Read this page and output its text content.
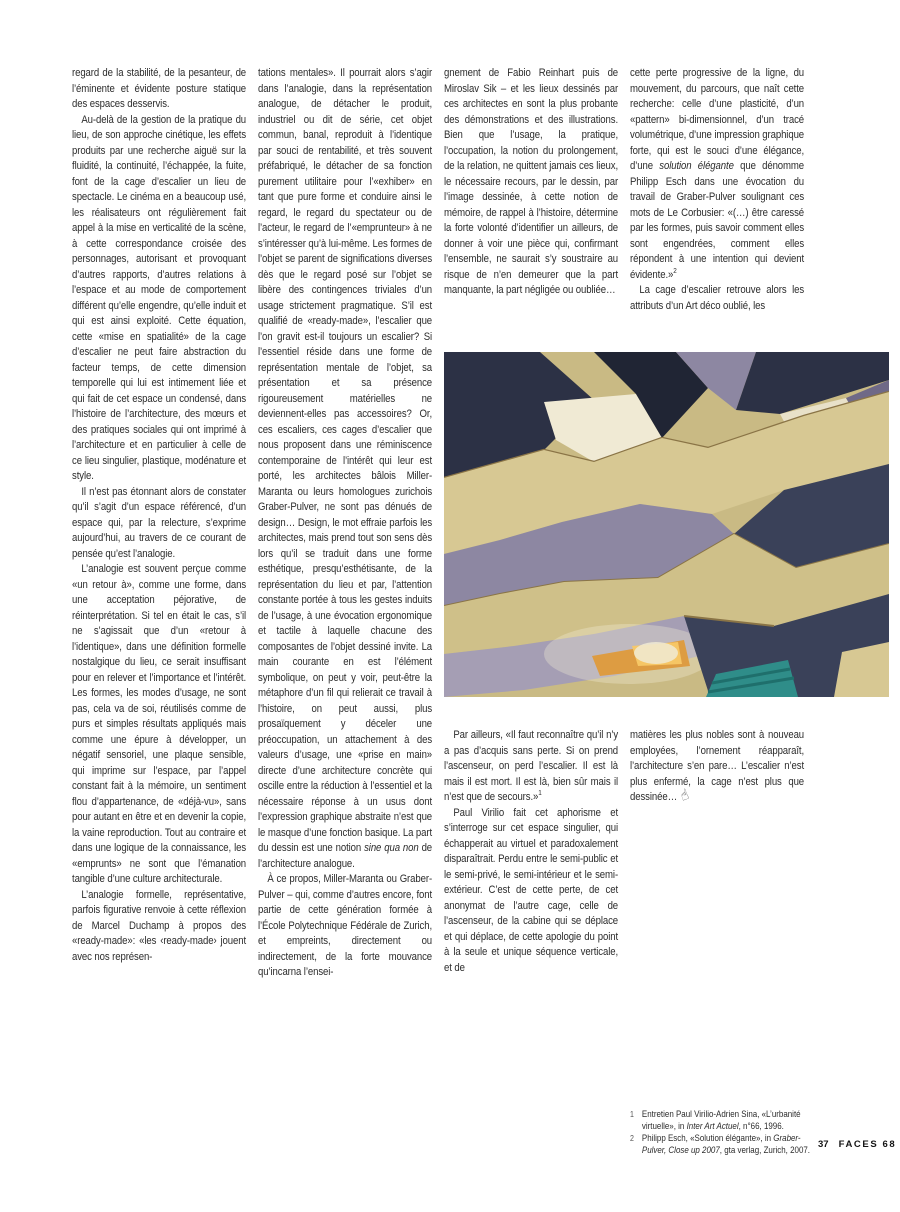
regard de la stabilité, de la pesanteur, de l’éminente et évidente posture statique des espaces desservis.

Au-delà de la gestion de la pratique du lieu, de son approche cinétique, les effets produits par une recherche aiguë sur la fluidité, la continuité, l’échappée, la fuite, font de la cage d’escalier un lieu de spectacle. Le cinéma en a beaucoup usé, les réalisateurs ont régulièrement fait appel à la mise en verticalité de la scène, à cette correspondance croisée des personnages, autorisant et provoquant d’autres rapports, d’autres relations à l’espace et au mode de comportement différent qu’elle engendre, qu’elle induit et qui est ainsi exploité. Cette équation, cette «mise en spatialité» de la cage d’escalier ne peut faire abstraction du facteur temps, de cette dimension temporelle qui lui est intimement liée et qui fait de cet espace un condensé, dans l’histoire de l’architecture, des mœurs et des pratiques sociales qui ont imprimé à l’architecture et en particulier à celle de ce lieu singulier, plastique, modénature et style.

Il n’est pas étonnant alors de constater qu’il s’agit d’un espace référencé, d’un espace qui, par la relecture, s’exprime aujourd’hui, au travers de ce courant de pensée qu’est l’analogie.

L’analogie est souvent perçue comme «un retour à», comme une forme, dans une acceptation péjorative, de réinterprétation. Si tel en était le cas, s’il ne s’agissait que d’un «retour à l’identique», dans une définition formelle nostalgique du lieu, ce serait insuffisant pour en relever et l’importance et l’intérêt. Les formes, les modes d’usage, ne sont pas, cela va de soi, réutilisés comme de purs et simples résultats appliqués mais comme une épure à développer, un négatif sensoriel, une plaque sensible, qui imprime sur l’espace, par l’appel constant fait à la mémoire, un sentiment flou d’appartenance, de «déjà-vu», sans pour autant en être et en devenir la copie, la vaine reproduction. Tout au contraire et dans une logique de la connaissance, les «emprunts» ne sont que l’émanation tangible d’une culture architecturale.

L’analogie formelle, représentative, parfois figurative renvoie à cette réflexion de Marcel Duchamp à propos des «ready-made»: «les ‹ready-made› jouent avec nos représen-

tations mentales». Il pourrait alors s’agir dans l’analogie, dans la représentation analogue, de détacher le produit, industriel ou dit de série, cet objet commun, banal, reproduit à l’identique par souci de rentabilité, et très souvent préfabriqué, le détacher de sa fonction purement utilitaire pour l’«exhiber» en tant que pure forme et conduire ainsi le regard, le regard du spectateur ou de l’acteur, le regard de l’«emprunteur» à ne s’intéresser qu’à lui-même. Les formes de l’objet se parent de significations diverses dès que le regard posé sur l’objet se libère des contingences triviales d’un usage strictement pragmatique. S’il est qualifié de «ready-made», l’escalier que l’on gravit est-il toujours un escalier? Si l’essentiel réside dans une forme de représentation mentale de l’objet, sa présentation et sa présence rigoureusement matérielles ne deviennent-elles pas accessoires? Or, ces escaliers, ces cages d’escalier que nous proposent dans une réminiscence contemporaine de l’intérêt qui leur est porté, les architectes bâlois Miller-Maranta ou leurs homologues zurichois Graber-Pulver, ne sont pas dénués de design… Design, le mot effraie parfois les architectes, mais prend tout son sens dès lors qu’il se traduit dans une forme esthétique, presqu’esthétisante, de la représentation du lieu et par, l’attention constante portée à tous les gestes induits de l’usage, à une évocation ergonomique et tactile à laquelle chacune des composantes de l’objet dessiné invite. La main courante en est l’élément symbolique, on peut y voir, peut-être la métaphore d’un fil qui relierait ce travail à l’histoire, on peut aussi, plus prosaïquement y déceler une préoccupation, un attachement à des valeurs d’usage, une «prise en main» directe d’une architecture concrète qui oscille entre la réduction à l’essentiel et la nécessaire réponse à un usus dont l’expression graphique abstraite n’est que le masque d’une fonction basique. La part du dessin est une notion sine qua non de l’architecture analogue.

À ce propos, Miller-Maranta ou Graber-Pulver – qui, comme d’autres encore, font partie de cette génération formée à l’École Polytechnique Fédérale de Zurich, et empreints, directement ou indirectement, de la forte mouvance qu’incarna l’ensei-

gnement de Fabio Reinhart puis de Miroslav Sik – et les lieux dessinés par ces architectes en sont la plus probante des démonstrations et des illustrations. Bien que l’usage, la pratique, l’occupation, la notion du prolongement, de la relation, ne quittent jamais ces lieux, le nécessaire recours, par le dessin, par l’image dessinée, à cette notion de mémoire, de rappel à l’histoire, détermine la forte volonté d’identifier un ailleurs, de donner à voir une pièce qui, confirmant l’ensemble, ne saurait s’y soustraire au risque de n’en demeurer que la part manquante, la part négligée ou oubliée…

cette perte progressive de la ligne, du mouvement, du parcours, que naît cette recherche: celle d’une plasticité, d’un «pattern» bi-dimensionnel, d’un tracé volumétrique, d’une impression graphique forte, qui est le souci d’une élégance, d’une solution élégante que dénomme Philipp Esch dans une évocation du travail de Graber-Pulver soulignant ces mots de Le Corbusier: «(…) être caressé par les formes, puis savoir comment elles sont engendrées, comment elles répondent à une intention qui devient évidente.»$^2$

La cage d’escalier retrouve alors les attributs d’un Art déco oublié, les

Par ailleurs, «Il faut reconnaître qu’il n’y a pas d’acquis sans perte. Si on prend l’ascenseur, on perd l’escalier. Il est là mais il est mort. Il est là, bien sûr mais il n’est que de secours.»$^1$

Paul Virilio fait cet aphorisme et s’interroge sur cet espace singulier, qui échapperait au virtuel et paradoxalement disparaîtrait. Perdu entre le semi-public et le semi-privé, le semi-intérieur et le semi-extérieur. C’est de cette perte, de cet anonymat de l’autre cage, celle de l’ascenseur, de la cabine qui se déplace et qui déplace, de cette apologie du point à la seule et unique séquence verticale, et de

matières les plus nobles sont à nouveau employées, l’ornement réapparaît, l’architecture s’en pare… L’escalier n’est plus enfermé, la cage n’est plus que dessinée… ☝

1 Entretien Paul Virilio-Adrien Sina, «L’urbanité virtuelle», in Inter Art Actuel, n°66, 1996.
2 Philipp Esch, «Solution élégante», in Graber-Pulver, Close up 2007, gta verlag, Zurich, 2007. 37 FACES 68
